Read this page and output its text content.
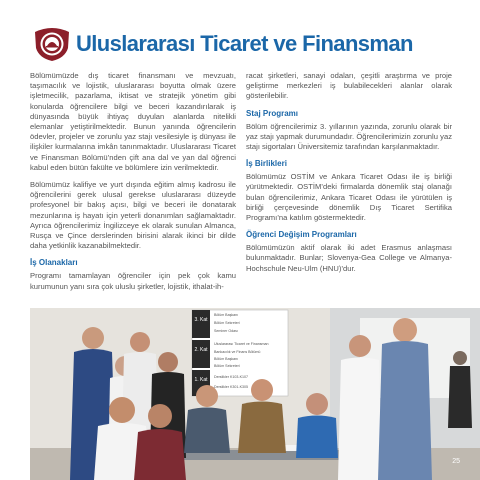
Uluslararası Ticaret ve Finansman

Bölümümüzde dış ticaret finansmanı ve mevzuatı, taşımacılık ve lojistik, uluslararası boyutta olmak üzere işletmecilik, pazarlama, iktisat ve stratejik yönetim gibi konularda öğrencilere bilgi ve beceri kazandırılarak iş dünyasında büyük ihtiyaç duyulan alanlarda nitelikli elemanlar yetiştirilmektedir. Bunun yanında öğrencilerin ödevler, projeler ve zorunlu yaz stajı vesilesiyle iş dünyası ile ilişkiler kurmalarına imkân tanınmaktadır. Uluslararası Ticaret ve Finansman Bölümü’nden çift ana dal ve yan dal öğrenci kabul eden bütün fakülte ve bölümlere izin verilmektedir.

Bölümümüz kalifiye ve yurt dışında eğitim almış kadrosu ile öğrencilerini gerek ulusal gerekse uluslararası düzeyde profesyonel bir bakış açısı, bilgi ve beceri ile donatarak mezunlarına iş hayatı için yeterli donanımları sağlamaktadır. Ayrıca öğrencilerimiz İngilizceye ek olarak sunulan Almanca, Rusça ve Çince derslerinden birisini alarak ikinci bir dilde daha yetkinlik kazanabilmektedir.

İş Olanakları

Programı tamamlayan öğrenciler için pek çok kamu kurumunun yanı sıra çok uluslu şirketler, lojistik, ithalat-ih-

racat şirketleri, sanayi odaları, çeşitli araştırma ve proje geliştirme merkezleri iş bulabilecekleri alanlar olarak gösterilebilir.

Staj Programı

Bölüm öğrencilerimiz 3. yıllarının yazında, zorunlu olarak bir yaz stajı yapmak durumundadır. Öğrencilerimizin zorunlu yaz stajı sigortaları Üniversitemiz tarafından karşılanmaktadır.

İş Birlikleri

Bölümümüz OSTİM ve Ankara Ticaret Odası ile iş birliği yürütmektedir. OSTİM’deki firmalarda dönemlik staj olanağı bulan öğrencilerimiz, Ankara Ticaret Odası ile yürütülen iş birliği çerçevesinde dönemlik Dış Ticaret Sertifika Programı’na katılım göstermektedir.

Öğrenci Değişim Programları

Bölümümüzün aktif olarak iki adet Erasmus anlaşması bulunmaktadır. Bunlar; Slovenya-Gea College ve Almanya-Hochschule Neu-Ulm (HNU)’dur.

3. Kat
2. Kat
1. Kat
Bölüm Başkanı
Bölüm Sekreteri
Seminer Odası
Uluslararası Ticaret ve Finansman
Bankacılık ve Finans Bölümü
Bölüm Başkanı
Bölüm Sekreteri
Derslikler K103-K107
Derslikler K301-K305
25
